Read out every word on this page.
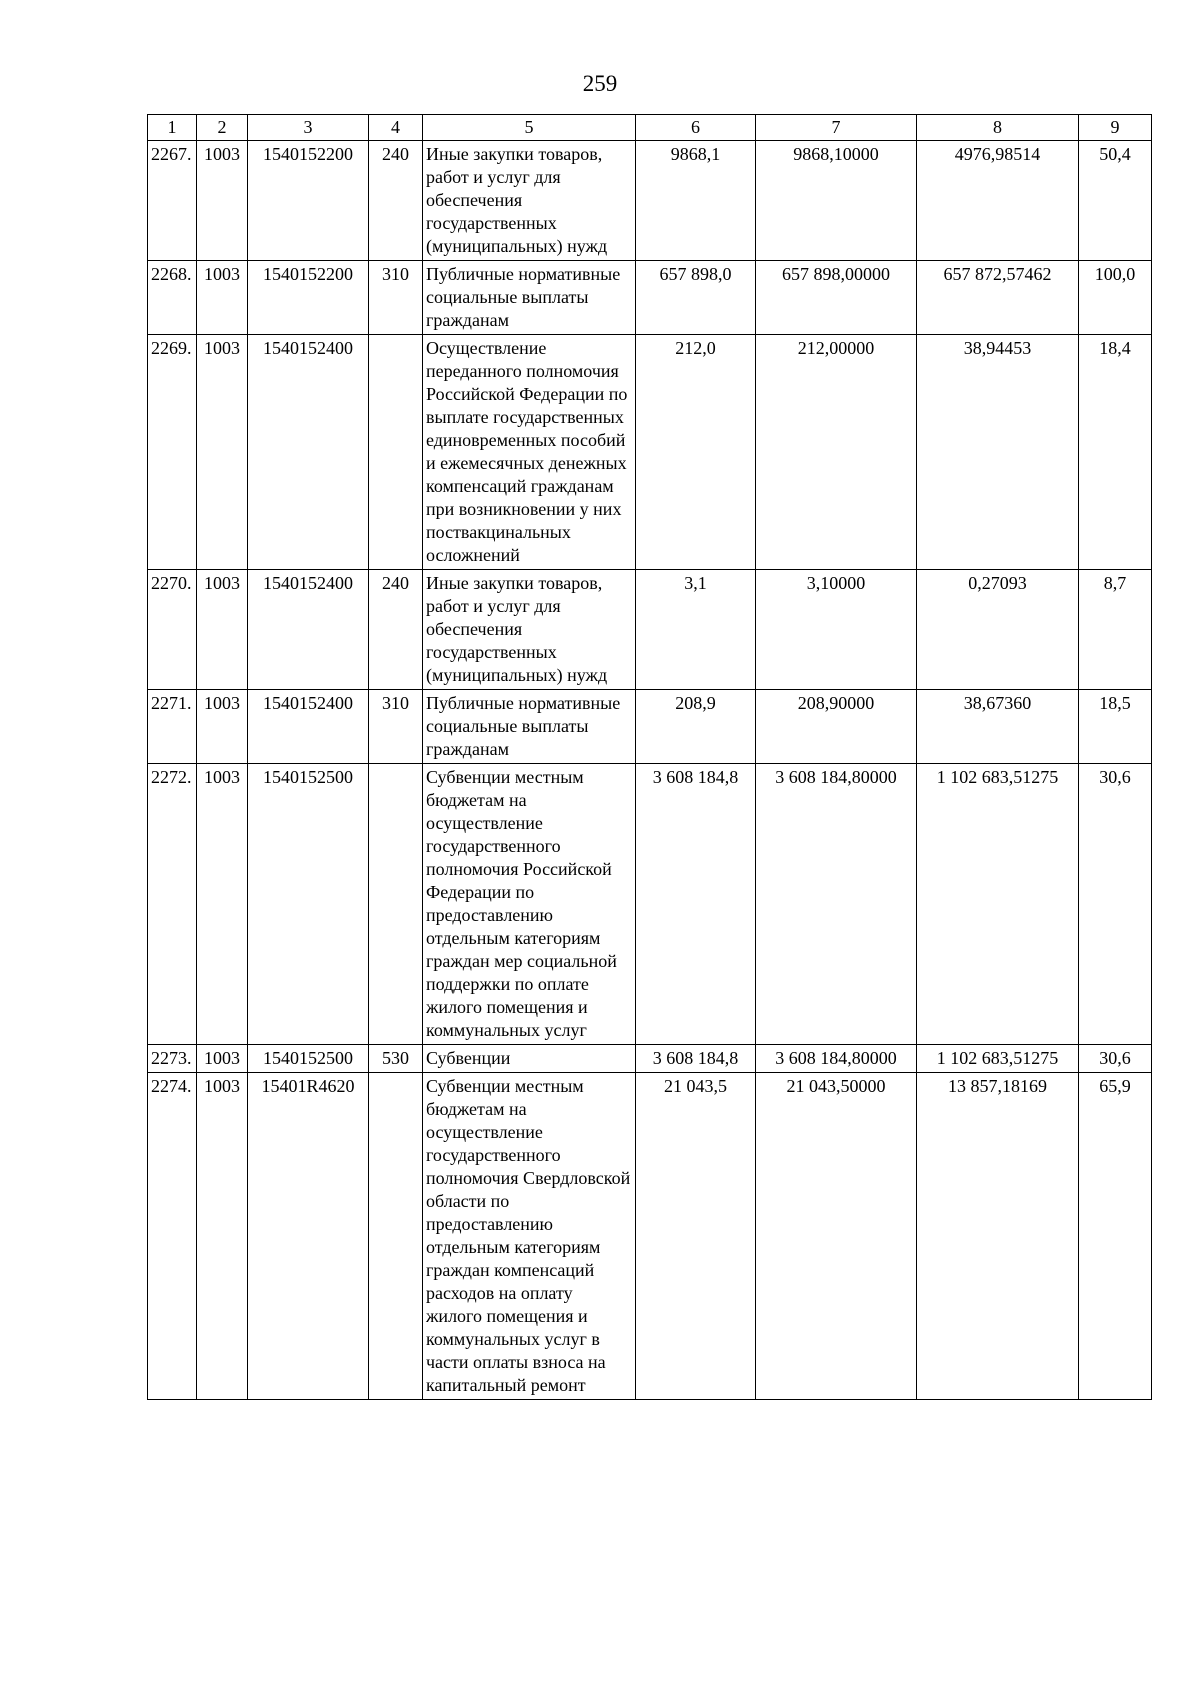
259
1	2	3	4	5	6	7	8	9
2267.	1003	1540152200	240	Иные закупки товаров, работ и услуг для обеспечения государственных (муниципальных) нужд	9868,1	9868,10000	4976,98514	50,4
2268.	1003	1540152200	310	Публичные нормативные социальные выплаты гражданам	657 898,0	657 898,00000	657 872,57462	100,0
2269.	1003	1540152400		Осуществление переданного полномочия Российской Федерации по выплате государственных единовременных пособий и ежемесячных денежных компенсаций гражданам при возникновении у них поствакцинальных осложнений	212,0	212,00000	38,94453	18,4
2270.	1003	1540152400	240	Иные закупки товаров, работ и услуг для обеспечения государственных (муниципальных) нужд	3,1	3,10000	0,27093	8,7
2271.	1003	1540152400	310	Публичные нормативные социальные выплаты гражданам	208,9	208,90000	38,67360	18,5
2272.	1003	1540152500		Субвенции местным бюджетам на осуществление государственного полномочия Российской Федерации по предоставлению отдельным категориям граждан мер социальной поддержки по оплате жилого помещения и коммунальных услуг	3 608 184,8	3 608 184,80000	1 102 683,51275	30,6
2273.	1003	1540152500	530	Субвенции	3 608 184,8	3 608 184,80000	1 102 683,51275	30,6
2274.	1003	15401R4620		Субвенции местным бюджетам на осуществление государственного полномочия Свердловской области по предоставлению отдельным категориям граждан компенсаций расходов на оплату жилого помещения и коммунальных услуг в части оплаты взноса на капитальный ремонт	21 043,5	21 043,50000	13 857,18169	65,9
